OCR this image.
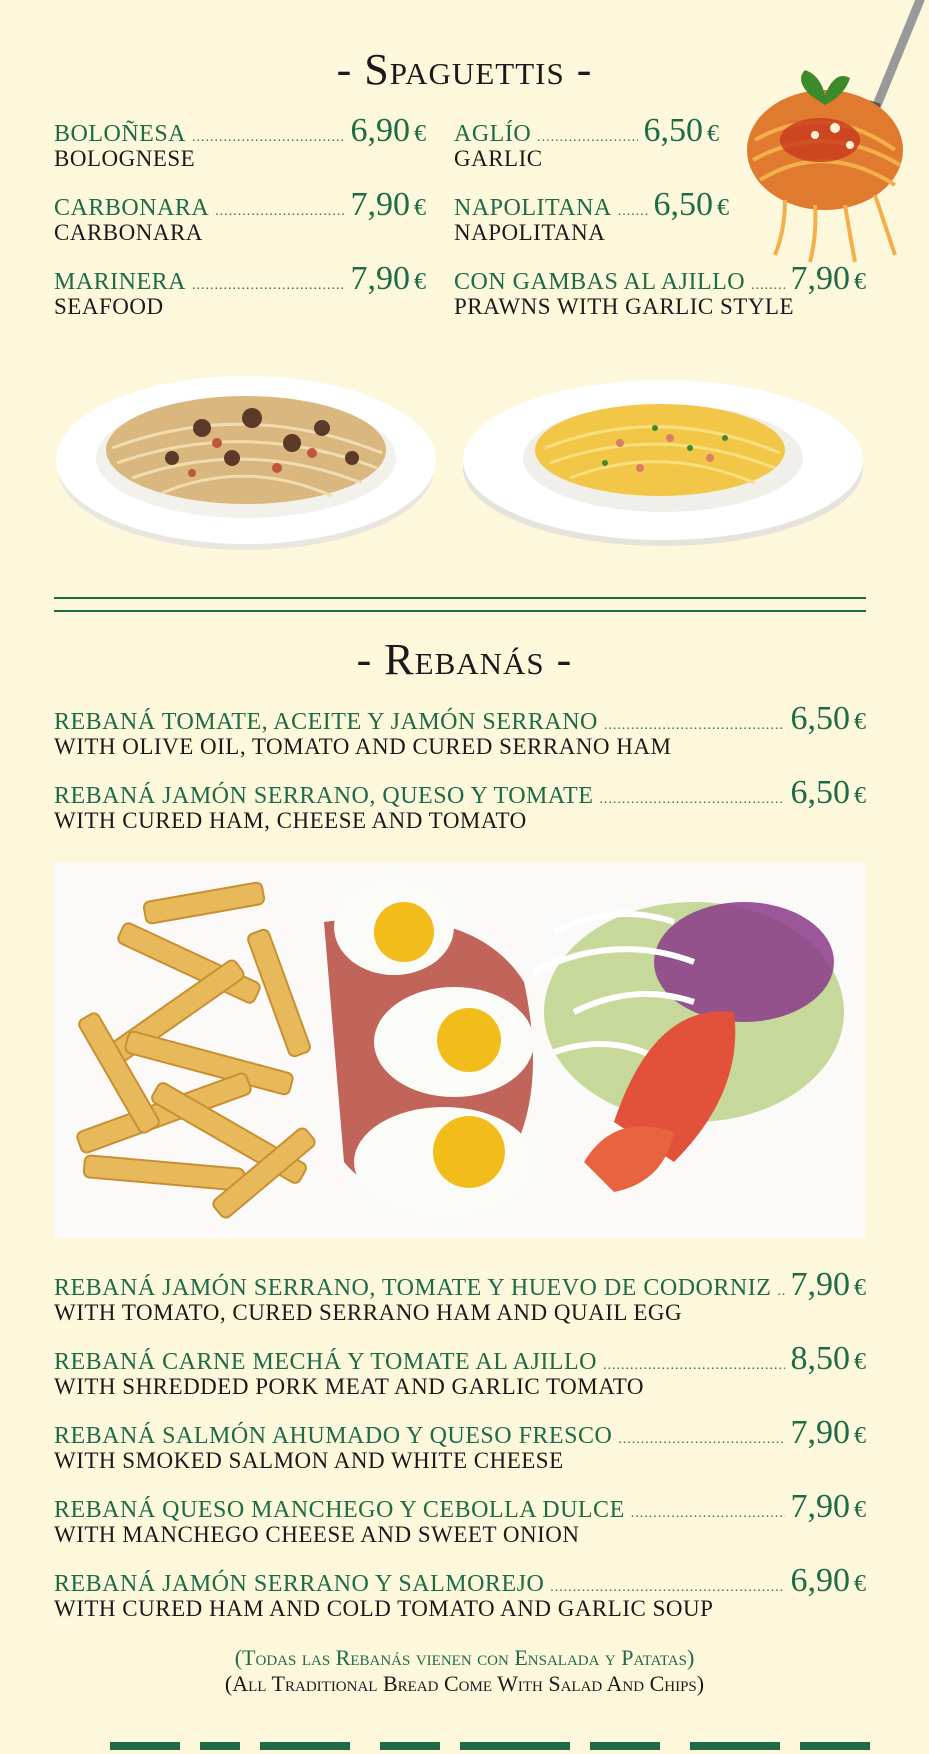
- Spaguettis -
BOLOÑESA .....	6,90 €
BOLOGNESE
AGLÍO .....	6,50 €
GARLIC
CARBONARA .....	7,90 €
CARBONARA
NAPOLITANA ..... 6,50 €
NAPOLITANA
MARINERA .....	7,90 €
SEAFOOD
CON GAMBAS AL AJILLO ..... 7,90 €
PRAWNS WITH GARLIC STYLE
- Rebanás -
REBANÁ TOMATE, ACEITE Y JAMÓN SERRANO .....	6,50 €
WITH OLIVE OIL, TOMATO AND CURED SERRANO HAM
REBANÁ JAMÓN SERRANO, QUESO Y TOMATE .....	6,50 €
WITH CURED HAM, CHEESE AND TOMATO
REBANÁ JAMÓN SERRANO, TOMATE Y HUEVO DE CODORNIZ ..... 7,90 €
WITH TOMATO, CURED SERRANO HAM AND QUAIL EGG
REBANÁ CARNE MECHÁ Y TOMATE AL AJILLO .....	8,50 €
WITH SHREDDED PORK MEAT AND GARLIC TOMATO
REBANÁ SALMÓN AHUMADO Y QUESO FRESCO .....	7,90 €
WITH SMOKED SALMON AND WHITE CHEESE
REBANÁ QUESO MANCHEGO Y CEBOLLA DULCE .....	7,90 €
WITH MANCHEGO CHEESE AND SWEET ONION
REBANÁ JAMÓN SERRANO Y SALMOREJO .....	6,90 €
WITH CURED HAM AND COLD TOMATO AND GARLIC SOUP
(Todas las Rebanás vienen con Ensalada y Patatas)
(All Traditional Bread Come With Salad And Chips)
